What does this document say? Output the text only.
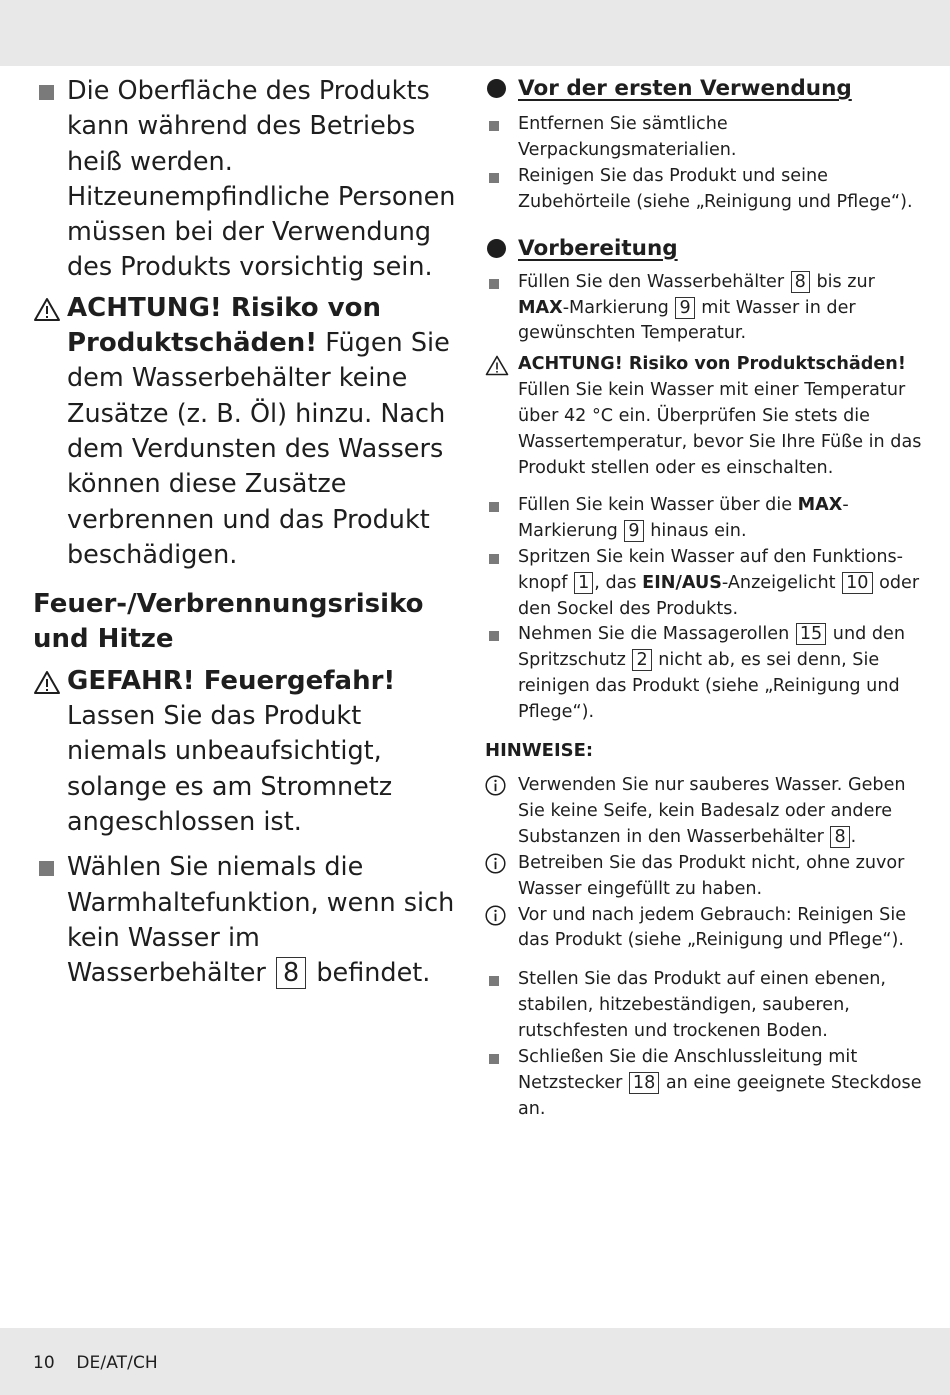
Die Oberfläche des Produkts kann während des Betriebs heiß werden. Hitzeunempfindliche Personen müssen bei der Verwendung des Produkts vorsichtig sein.
ACHTUNG! Risiko von Produktschäden! Fügen Sie dem Wasserbehälter keine Zusätze (z. B. Öl) hinzu. Nach dem Verdunsten des Wassers können diese Zusätze verbrennen und das Produkt beschädigen.
Feuer-/Verbrennungsrisiko und Hitze
GEFAHR! Feuergefahr!
Lassen Sie das Produkt niemals unbeaufsichtigt, solange es am Stromnetz angeschlossen ist.
Wählen Sie niemals die Warmhaltefunktion, wenn sich kein Wasser im Wasserbehälter 8 befindet.
Vor der ersten Verwendung
Entfernen Sie sämtliche Verpackungsmaterialien.
Reinigen Sie das Produkt und seine Zubehörteile (siehe „Reinigung und Pflege“).
Vorbereitung
Füllen Sie den Wasserbehälter 8 bis zur MAX-Markierung 9 mit Wasser in der gewünschten Temperatur.
ACHTUNG! Risiko von Produktschäden!
Füllen Sie kein Wasser mit einer Temperatur über 42 °C ein. Überprüfen Sie stets die Wassertemperatur, bevor Sie Ihre Füße in das Produkt stellen oder es einschalten.
Füllen Sie kein Wasser über die MAX-Markierung 9 hinaus ein.
Spritzen Sie kein Wasser auf den Funktionsknopf 1 , das EIN/AUS-Anzeigelicht 10 oder den Sockel des Produkts.
Nehmen Sie die Massagerollen 15 und den Spritzschutz 2 nicht ab, es sei denn, Sie reinigen das Produkt (siehe „Reinigung und Pflege“).
HINWEISE:
Verwenden Sie nur sauberes Wasser. Geben Sie keine Seife, kein Badesalz oder andere Substanzen in den Wasserbehälter 8 .
Betreiben Sie das Produkt nicht, ohne zuvor Wasser eingefüllt zu haben.
Vor und nach jedem Gebrauch: Reinigen Sie das Produkt (siehe „Reinigung und Pflege“).
Stellen Sie das Produkt auf einen ebenen, stabilen, hitzebeständigen, sauberen, rutschfesten und trockenen Boden.
Schließen Sie die Anschlussleitung mit Netzstecker 18 an eine geeignete Steckdose an.
10 DE/AT/CH
